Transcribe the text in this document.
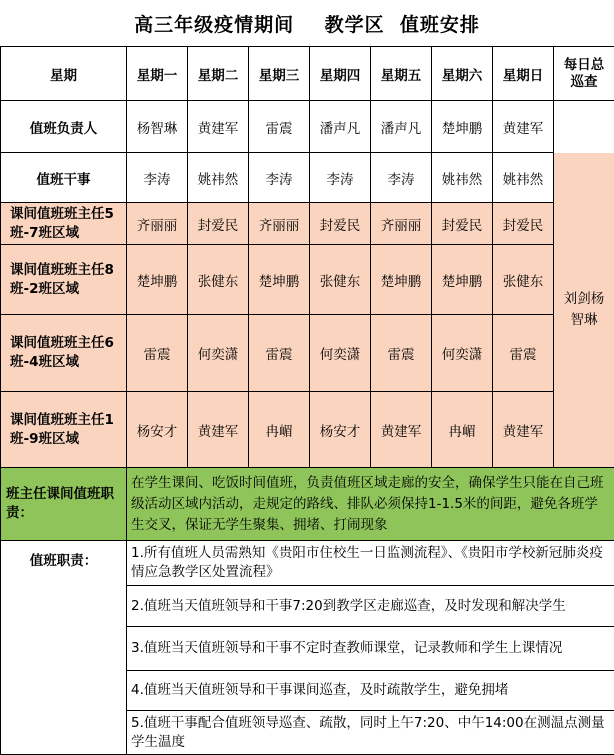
高三年级疫情期间    教学区  值班安排
星期	星期一	星期二	星期三	星期四	星期五	星期六	星期日	每日总巡查	
值班负责人	杨智琳	黄建军	雷震	潘声凡	潘声凡	楚坤鹏	黄建军		
值班干事	李涛	姚祎然	李涛	李涛	李涛	姚祎然	姚祎然	刘剑杨智琳	
课间值班班主任5班-7班区域	齐丽丽	封爱民	齐丽丽	封爱民	齐丽丽	封爱民	封爱民		
课间值班班主任8班-2班区域	楚坤鹏	张健东	楚坤鹏	张健东	楚坤鹏	楚坤鹏	张健东		
课间值班班主任6班-4班区域	雷震	何奕潇	雷震	何奕潇	雷震	何奕潇	雷震		
课间值班班主任1班-9班区域	杨安才	黄建军	冉嵋	杨安才	黄建军	冉嵋	黄建军		
班主任课间值班职责：	在学生课间、吃饭时间值班，负责值班区域走廊的安全，确保学生只能在自己班级活动区域内活动，走规定的路线、排队必须保持1-1.5米的间距，避免各班学生交叉，保证无学生聚集、拥堵、打闹现象								
值班职责：	1.所有值班人员需熟知《贵阳市住校生一日监测流程》、《贵阳市学校新冠肺炎疫情应急教学区处置流程》								
	2.值班当天值班领导和干事7:20到教学区走廊巡查，及时发现和解决学生								
	3.值班当天值班领导和干事不定时查教师课堂，记录教师和学生上课情况								
	4.值班当天值班领导和干事课间巡查，及时疏散学生，避免拥堵								
	5.值班干事配合值班领导巡查、疏散，同时上午7:20、中午14:00在测温点测量学生温度								
